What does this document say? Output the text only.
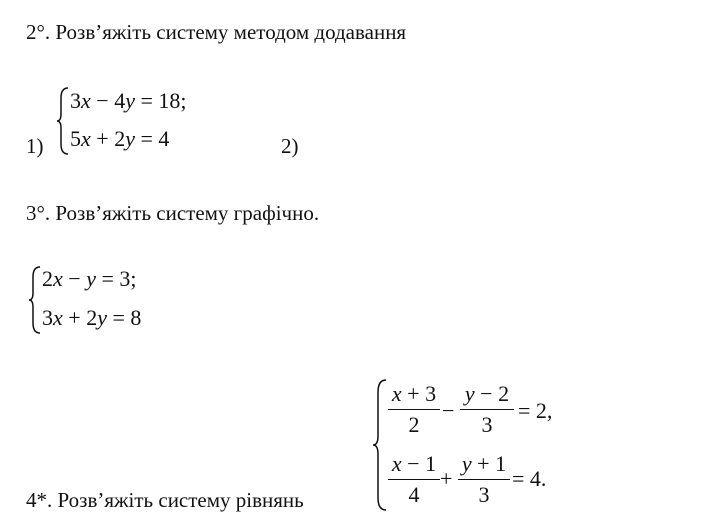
2°. Розв’яжіть систему методом додавання
3x − 4y = 18;
5x + 2y = 4
1)	2)
3°. Розв’яжіть систему графічно.
2x − y = 3;
3x + 2y = 8
4*. Розв’яжіть систему рівнянь
x + 3
2
−
y − 2
3
= 2,
x − 1
4
+
y + 1
3
= 4.
